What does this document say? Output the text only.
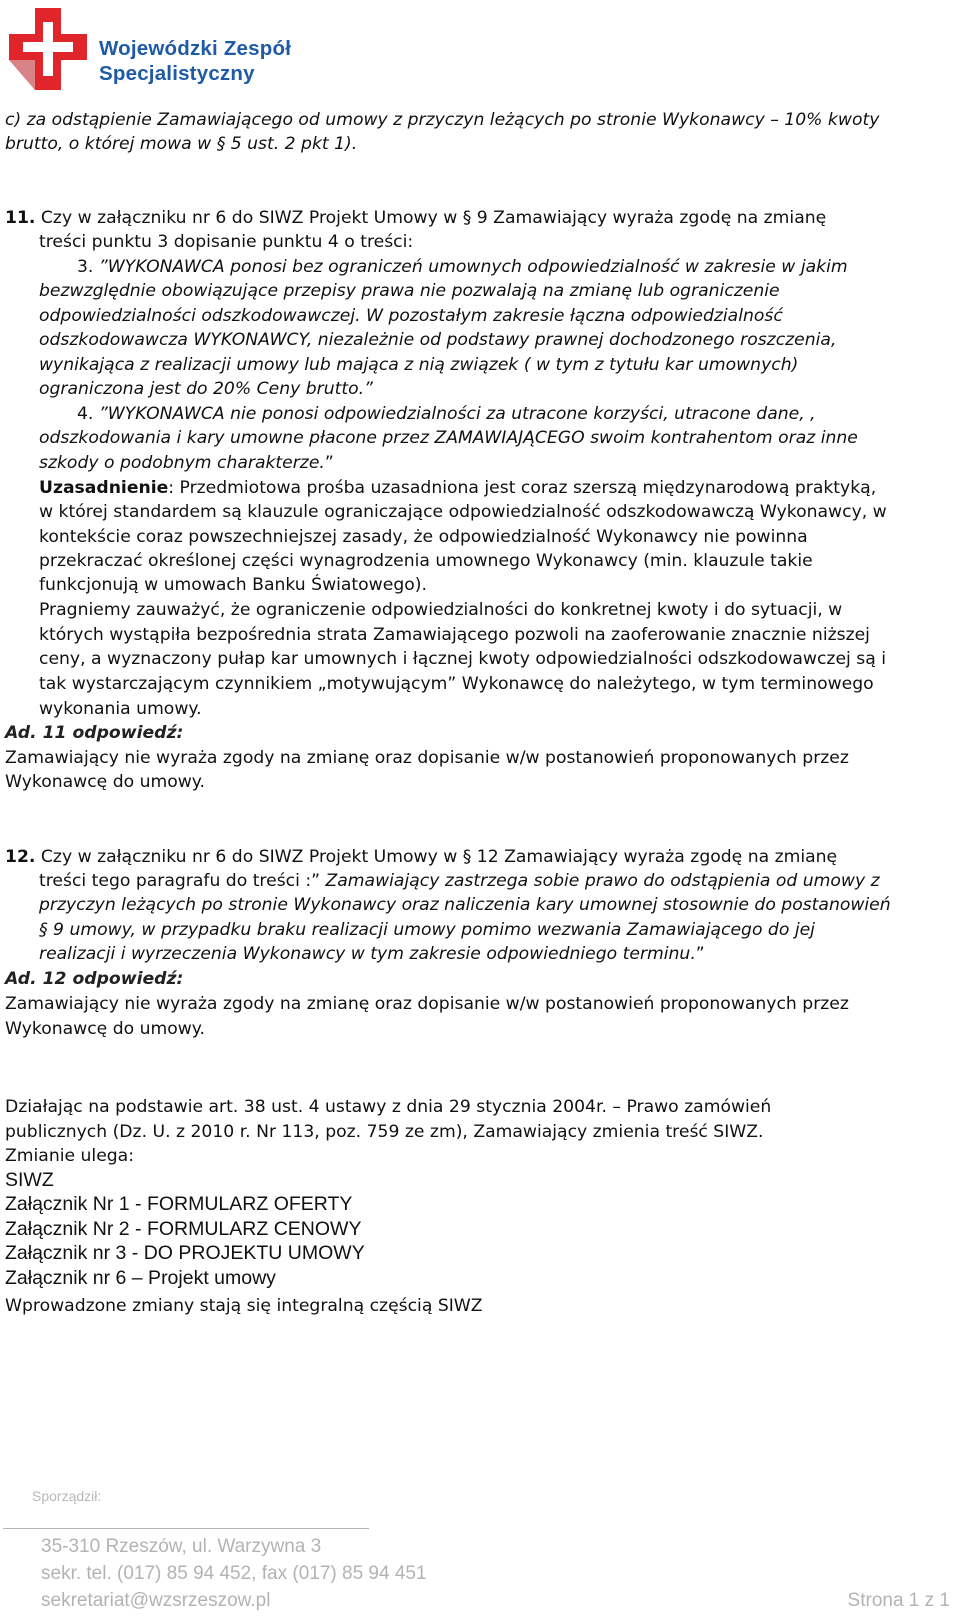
Wojewódzki Zespół
Specjalistyczny
c) za odstąpienie Zamawiającego od umowy z przyczyn leżących po stronie Wykonawcy – 10% kwoty
brutto, o której mowa w § 5 ust. 2 pkt 1).
11. Czy w załączniku nr 6 do SIWZ Projekt Umowy w § 9 Zamawiający wyraża zgodę na zmianę
treści punktu 3 dopisanie punktu 4 o treści:
3. ”WYKONAWCA ponosi bez ograniczeń umownych odpowiedzialność w zakresie w jakim
bezwzględnie obowiązujące przepisy prawa nie pozwalają na zmianę lub ograniczenie
odpowiedzialności odszkodowawczej. W pozostałym zakresie łączna odpowiedzialność
odszkodowawcza WYKONAWCY, niezależnie od podstawy prawnej dochodzonego roszczenia,
wynikająca z realizacji umowy lub mająca z nią związek ( w tym z tytułu kar umownych)
ograniczona jest do 20% Ceny brutto.”
4. ”WYKONAWCA nie ponosi odpowiedzialności za utracone korzyści, utracone dane, ,
odszkodowania i kary umowne płacone przez ZAMAWIAJĄCEGO swoim kontrahentom oraz inne
szkody o podobnym charakterze.”
Uzasadnienie: Przedmiotowa prośba uzasadniona jest coraz szerszą międzynarodową praktyką,
w której standardem są klauzule ograniczające odpowiedzialność odszkodowawczą Wykonawcy, w
kontekście coraz powszechniejszej zasady, że odpowiedzialność Wykonawcy nie powinna
przekraczać określonej części wynagrodzenia umownego Wykonawcy (min. klauzule takie
funkcjonują w umowach Banku Światowego).
Pragniemy zauważyć, że ograniczenie odpowiedzialności do konkretnej kwoty i do sytuacji, w
których wystąpiła bezpośrednia strata Zamawiającego pozwoli na zaoferowanie znacznie niższej
ceny, a wyznaczony pułap kar umownych i łącznej kwoty odpowiedzialności odszkodowawczej są i
tak wystarczającym czynnikiem „motywującym” Wykonawcę do należytego, w tym terminowego
wykonania umowy.
Ad. 11 odpowiedź:
Zamawiający nie wyraża zgody na zmianę oraz dopisanie w/w postanowień proponowanych przez
Wykonawcę do umowy.
12. Czy w załączniku nr 6 do SIWZ Projekt Umowy w § 12 Zamawiający wyraża zgodę na zmianę
treści tego paragrafu do treści :” Zamawiający zastrzega sobie prawo do odstąpienia od umowy z
przyczyn leżących po stronie Wykonawcy oraz naliczenia kary umownej stosownie do postanowień
§ 9 umowy, w przypadku braku realizacji umowy pomimo wezwania Zamawiającego do jej
realizacji i wyrzeczenia Wykonawcy w tym zakresie odpowiedniego terminu.”
Ad. 12 odpowiedź:
Zamawiający nie wyraża zgody na zmianę oraz dopisanie w/w postanowień proponowanych przez
Wykonawcę do umowy.
Działając na podstawie art. 38 ust. 4 ustawy z dnia 29 stycznia 2004r. – Prawo zamówień
publicznych (Dz. U. z 2010 r. Nr 113, poz. 759 ze zm), Zamawiający zmienia treść SIWZ.
Zmianie ulega:
SIWZ
Załącznik Nr 1 - FORMULARZ OFERTY
Załącznik Nr 2 - FORMULARZ CENOWY
Załącznik nr 3 - DO PROJEKTU UMOWY
Załącznik nr 6 – Projekt umowy
Wprowadzone zmiany stają się integralną częścią SIWZ
Sporządził:
35-310 Rzeszów, ul. Warzywna 3
sekr. tel. (017) 85 94 452, fax (017) 85 94 451
sekretariat@wzsrzeszow.pl	Strona 1 z 1
